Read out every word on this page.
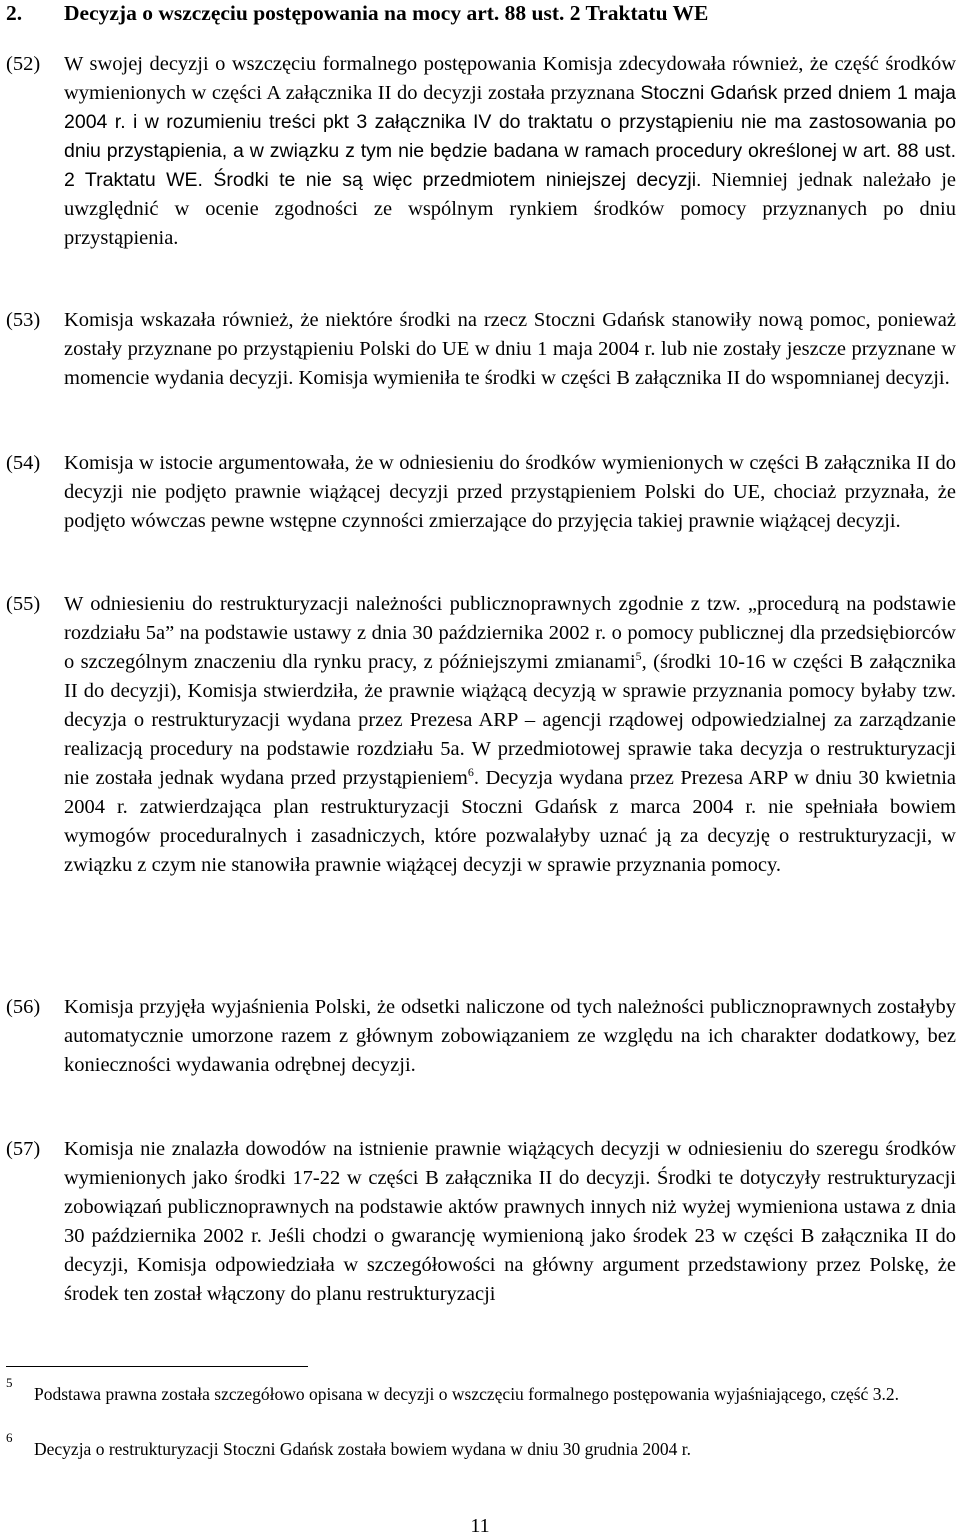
2. Decyzja o wszczęciu postępowania na mocy art. 88 ust. 2 Traktatu WE
(52) W swojej decyzji o wszczęciu formalnego postępowania Komisja zdecydowała również, że część środków wymienionych w części A załącznika II do decyzji została przyznana Stoczni Gdańsk przed dniem 1 maja 2004 r. i w rozumieniu treści pkt 3 załącznika IV do traktatu o przystąpieniu nie ma zastosowania po dniu przystąpienia, a w związku z tym nie będzie badana w ramach procedury określonej w art. 88 ust. 2 Traktatu WE. Środki te nie są więc przedmiotem niniejszej decyzji. Niemniej jednak należało je uwzględnić w ocenie zgodności ze wspólnym rynkiem środków pomocy przyznanych po dniu przystąpienia.
(53) Komisja wskazała również, że niektóre środki na rzecz Stoczni Gdańsk stanowiły nową pomoc, ponieważ zostały przyznane po przystąpieniu Polski do UE w dniu 1 maja 2004 r. lub nie zostały jeszcze przyznane w momencie wydania decyzji. Komisja wymieniła te środki w części B załącznika II do wspomnianej decyzji.
(54) Komisja w istocie argumentowała, że w odniesieniu do środków wymienionych w części B załącznika II do decyzji nie podjęto prawnie wiążącej decyzji przed przystąpieniem Polski do UE, chociaż przyznała, że podjęto wówczas pewne wstępne czynności zmierzające do przyjęcia takiej prawnie wiążącej decyzji.
(55) W odniesieniu do restrukturyzacji należności publicznoprawnych zgodnie z tzw. „procedurą na podstawie rozdziału 5a” na podstawie ustawy z dnia 30 października 2002 r. o pomocy publicznej dla przedsiębiorców o szczególnym znaczeniu dla rynku pracy, z późniejszymi zmianami$^5$, (środki 10-16 w części B załącznika II do decyzji), Komisja stwierdziła, że prawnie wiążącą decyzją w sprawie przyznania pomocy byłaby tzw. decyzja o restrukturyzacji wydana przez Prezesa ARP – agencji rządowej odpowiedzialnej za zarządzanie realizacją procedury na podstawie rozdziału 5a. W przedmiotowej sprawie taka decyzja o restrukturyzacji nie została jednak wydana przed przystąpieniem$^6$. Decyzja wydana przez Prezesa ARP w dniu 30 kwietnia 2004 r. zatwierdzająca plan restrukturyzacji Stoczni Gdańsk z marca 2004 r. nie spełniała bowiem wymogów proceduralnych i zasadniczych, które pozwalałyby uznać ją za decyzję o restrukturyzacji, w związku z czym nie stanowiła prawnie wiążącej decyzji w sprawie przyznania pomocy.
(56) Komisja przyjęła wyjaśnienia Polski, że odsetki naliczone od tych należności publicznoprawnych zostałyby automatycznie umorzone razem z głównym zobowiązaniem ze względu na ich charakter dodatkowy, bez konieczności wydawania odrębnej decyzji.
(57) Komisja nie znalazła dowodów na istnienie prawnie wiążących decyzji w odniesieniu do szeregu środków wymienionych jako środki 17-22 w części B załącznika II do decyzji. Środki te dotyczyły restrukturyzacji zobowiązań publicznoprawnych na podstawie aktów prawnych innych niż wyżej wymieniona ustawa z dnia 30 października 2002 r. Jeśli chodzi o gwarancję wymienioną jako środek 23 w części B załącznika II do decyzji, Komisja odpowiedziała w szczegółowości na główny argument przedstawiony przez Polskę, że środek ten został włączony do planu restrukturyzacji
5
Podstawa prawna została szczegółowo opisana w decyzji o wszczęciu formalnego postępowania wyjaśniającego, część 3.2.
6
Decyzja o restrukturyzacji Stoczni Gdańsk została bowiem wydana w dniu 30 grudnia 2004 r.
11
